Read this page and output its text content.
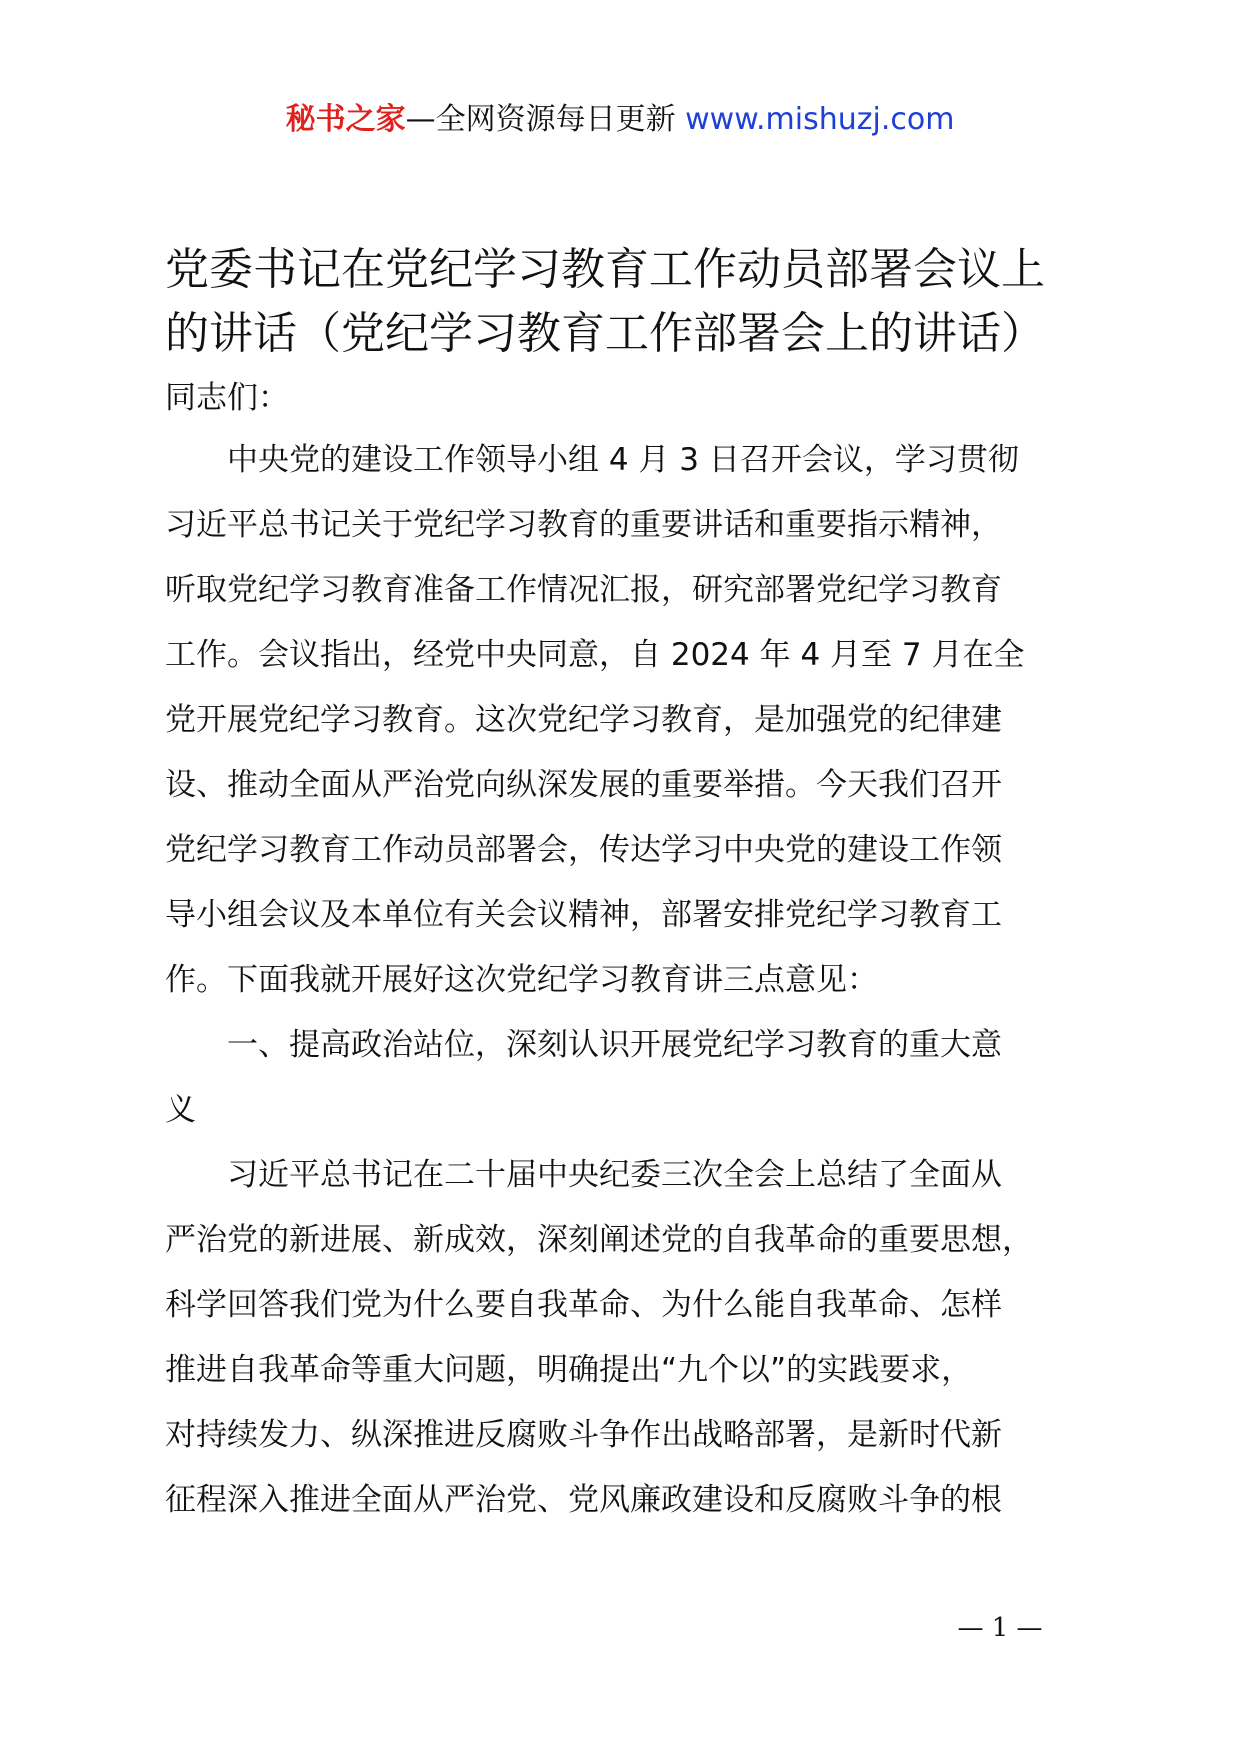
秘书之家—全网资源每日更新 www.mishuzj.com
党委书记在党纪学习教育工作动员部署会议上
的讲话（党纪学习教育工作部署会上的讲话）
同志们：
中央党的建设工作领导小组 4 月 3 日召开会议，学习贯彻
习近平总书记关于党纪学习教育的重要讲话和重要指示精神，
听取党纪学习教育准备工作情况汇报，研究部署党纪学习教育
工作。会议指出，经党中央同意，自 2024 年 4 月至 7 月在全
党开展党纪学习教育。这次党纪学习教育，是加强党的纪律建
设、推动全面从严治党向纵深发展的重要举措。今天我们召开
党纪学习教育工作动员部署会，传达学习中央党的建设工作领
导小组会议及本单位有关会议精神，部署安排党纪学习教育工
作。下面我就开展好这次党纪学习教育讲三点意见：
一、提高政治站位，深刻认识开展党纪学习教育的重大意
义
习近平总书记在二十届中央纪委三次全会上总结了全面从
严治党的新进展、新成效，深刻阐述党的自我革命的重要思想，
科学回答我们党为什么要自我革命、为什么能自我革命、怎样
推进自我革命等重大问题，明确提出“九个以”的实践要求，
对持续发力、纵深推进反腐败斗争作出战略部署，是新时代新
征程深入推进全面从严治党、党风廉政建设和反腐败斗争的根
— 1 —
